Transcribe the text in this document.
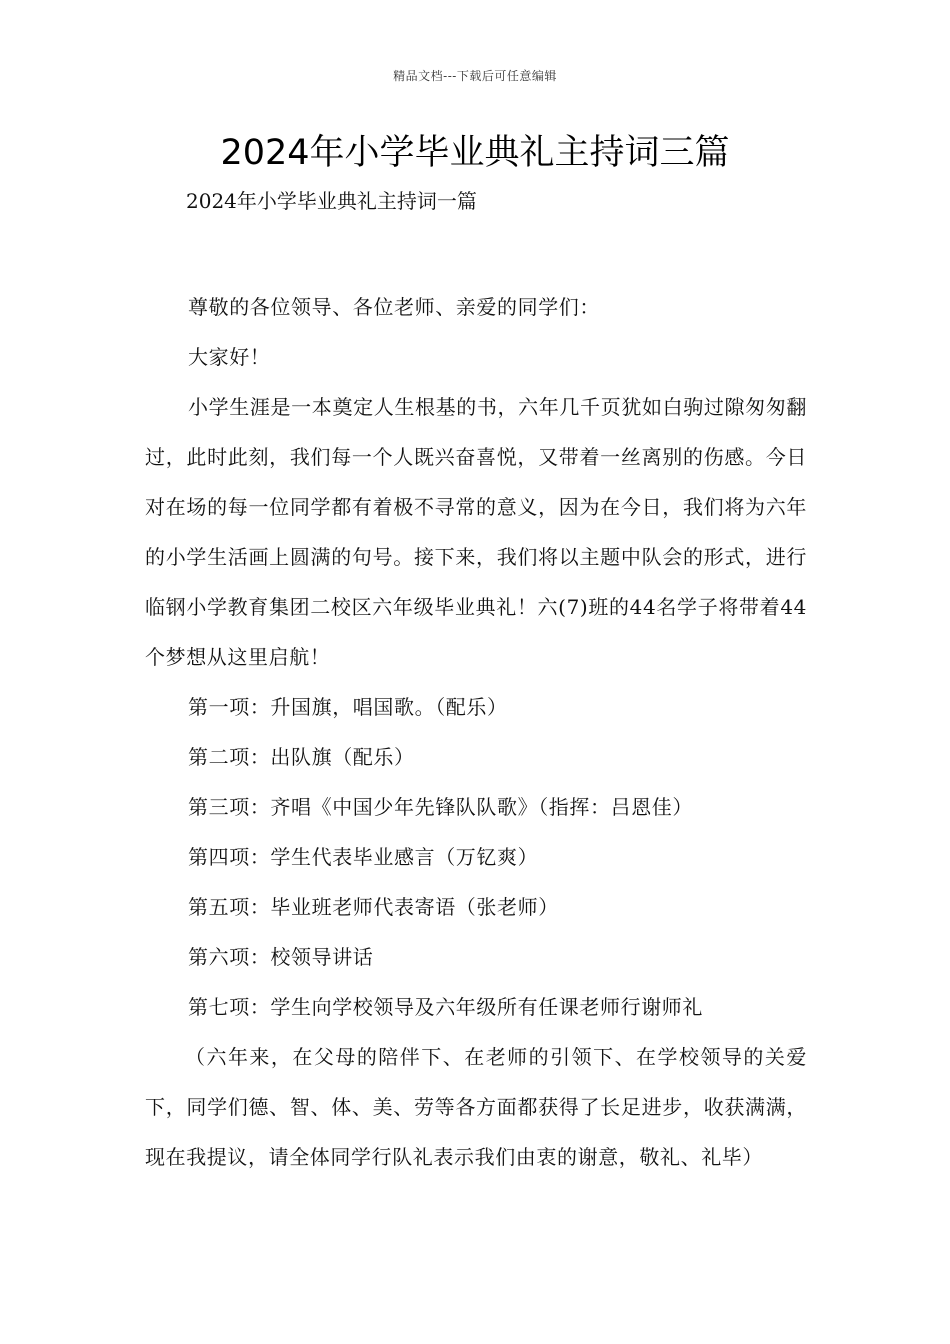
精品文档---下载后可任意编辑
2024年小学毕业典礼主持词三篇
2024年小学毕业典礼主持词一篇

尊敬的各位领导、各位老师、亲爱的同学们：

大家好！

小学生涯是一本奠定人生根基的书，六年几千页犹如白驹过隙匆匆翻过，此时此刻，我们每一个人既兴奋喜悦，又带着一丝离别的伤感。今日对在场的每一位同学都有着极不寻常的意义，因为在今日，我们将为六年的小学生活画上圆满的句号。接下来，我们将以主题中队会的形式，进行临钢小学教育集团二校区六年级毕业典礼！六(7)班的44名学子将带着44个梦想从这里启航！

第一项：升国旗，唱国歌。（配乐）

第二项：出队旗（配乐）

第三项：齐唱《中国少年先锋队队歌》（指挥：吕恩佳）

第四项：学生代表毕业感言（万钇爽）

第五项：毕业班老师代表寄语（张老师）

第六项：校领导讲话

第七项：学生向学校领导及六年级所有任课老师行谢师礼

（六年来，在父母的陪伴下、在老师的引领下、在学校领导的关爱下，同学们德、智、体、美、劳等各方面都获得了长足进步，收获满满，现在我提议，请全体同学行队礼表示我们由衷的谢意，敬礼、礼毕）
